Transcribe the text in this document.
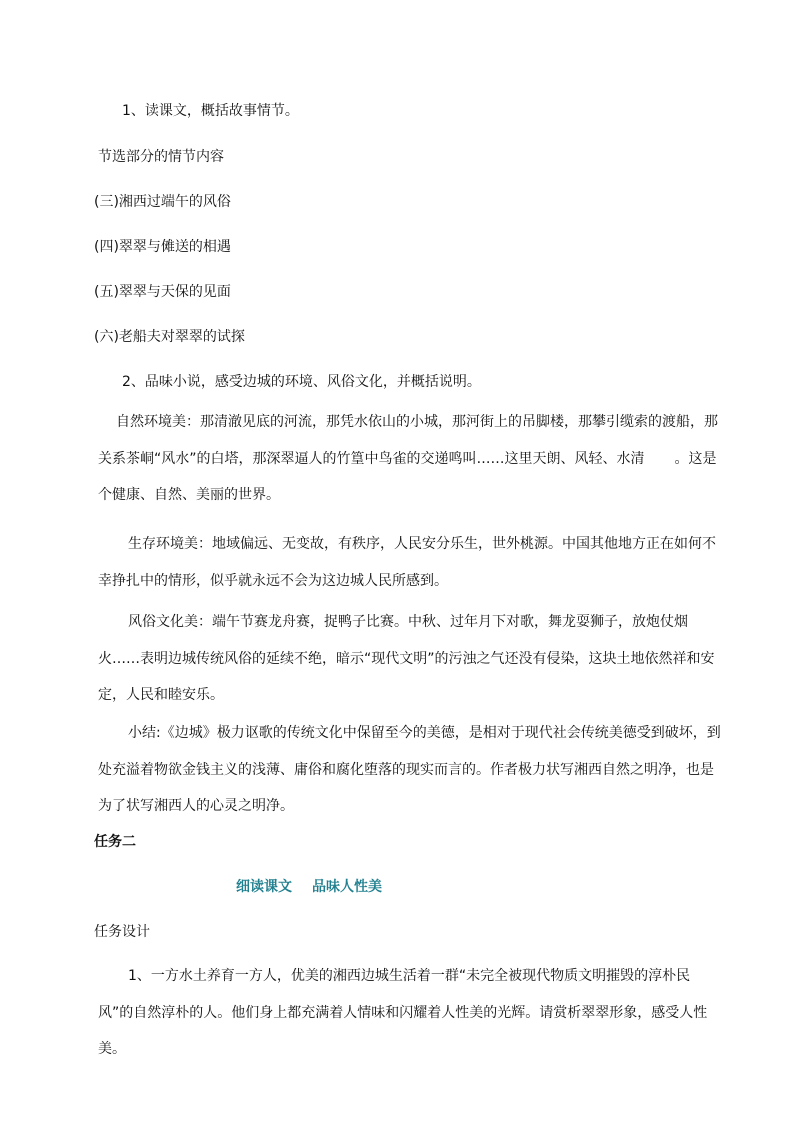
1、读课文，概括故事情节。
节选部分的情节内容
(三)湘西过端午的风俗
(四)翠翠与傩送的相遇
(五)翠翠与天保的见面
(六)老船夫对翠翠的试探
2、品味小说，感受边城的环境、风俗文化，并概括说明。
自然环境美：那清澈见底的河流，那凭水依山的小城，那河街上的吊脚楼，那攀引缆索的渡船，那关系茶峒“风水”的白塔，那深翠逼人的竹篁中鸟雀的交递鸣叫……这里天朗、风轻、水清 。这是个健康、自然、美丽的世界。
生存环境美：地域偏远、无变故，有秩序，人民安分乐生，世外桃源。中国其他地方正在如何不幸挣扎中的情形，似乎就永远不会为这边城人民所感到。
风俗文化美：端午节赛龙舟赛，捉鸭子比赛。中秋、过年月下对歌，舞龙耍狮子，放炮仗烟火……表明边城传统风俗的延续不绝，暗示“现代文明”的污浊之气还没有侵染，这块土地依然祥和安定，人民和睦安乐。
小结:《边城》极力讴歌的传统文化中保留至今的美德，是相对于现代社会传统美德受到破坏，到处充溢着物欲金钱主义的浅薄、庸俗和腐化堕落的现实而言的。作者极力状写湘西自然之明净，也是为了状写湘西人的心灵之明净。
任务二
细读课文 品味人性美
任务设计
1、一方水土养育一方人，优美的湘西边城生活着一群“未完全被现代物质文明摧毁的淳朴民风”的自然淳朴的人。他们身上都充满着人情味和闪耀着人性美的光辉。请赏析翠翠形象，感受人性美。
